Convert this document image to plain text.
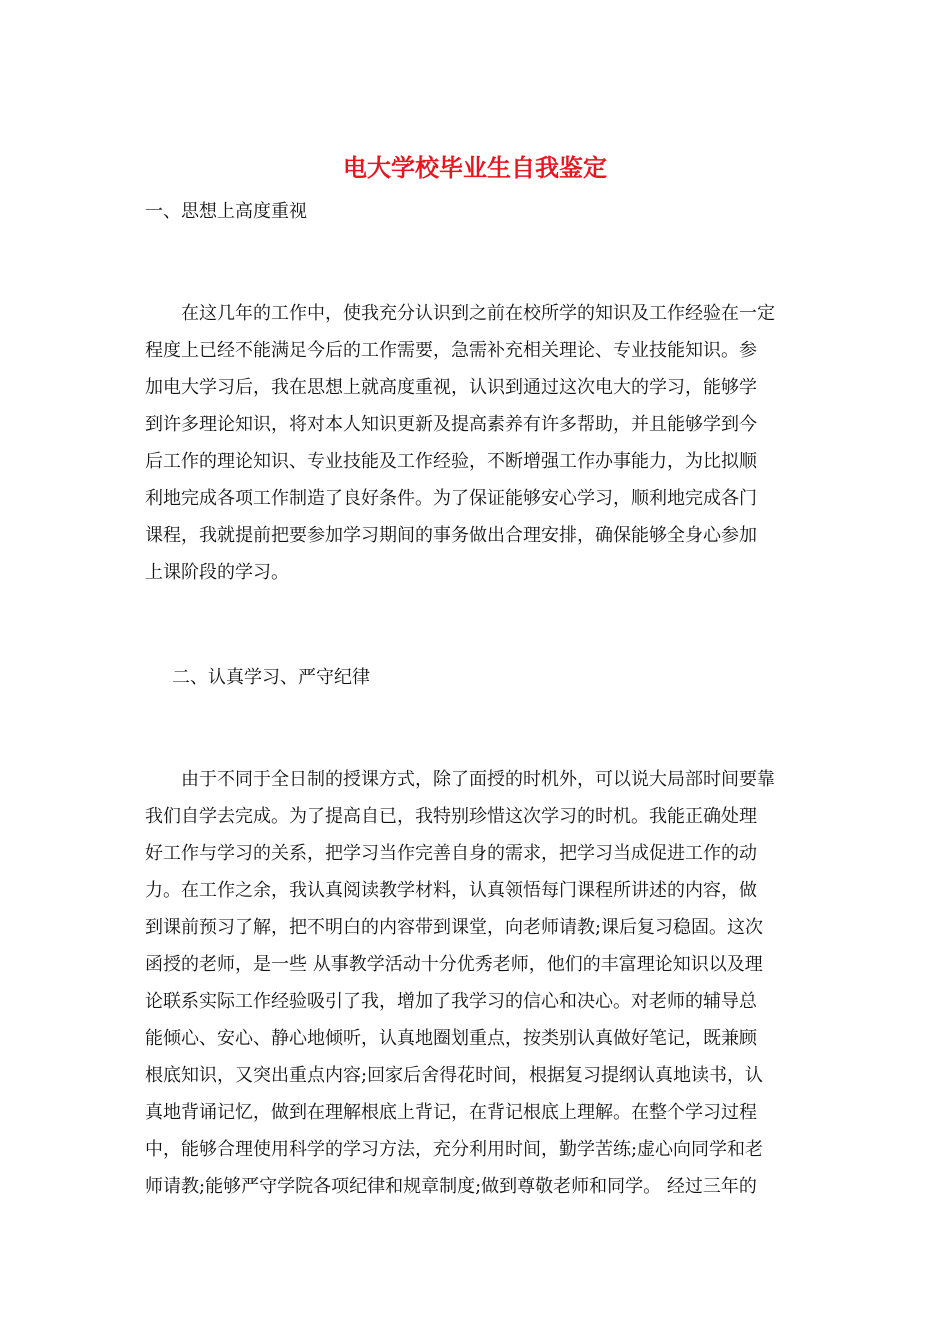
电大学校毕业生自我鉴定

一、思想上高度重视

　　在这几年的工作中，使我充分认识到之前在校所学的知识及工作经验在一定
程度上已经不能满足今后的工作需要，急需补充相关理论、专业技能知识。参
加电大学习后，我在思想上就高度重视，认识到通过这次电大的学习，能够学
到许多理论知识，将对本人知识更新及提高素养有许多帮助，并且能够学到今
后工作的理论知识、专业技能及工作经验，不断增强工作办事能力，为比拟顺
利地完成各项工作制造了良好条件。为了保证能够安心学习，顺利地完成各门
课程，我就提前把要参加学习期间的事务做出合理安排，确保能够全身心参加
上课阶段的学习。

二、认真学习、严守纪律

　　由于不同于全日制的授课方式，除了面授的时机外，可以说大局部时间要靠
我们自学去完成。为了提高自已，我特别珍惜这次学习的时机。我能正确处理
好工作与学习的关系，把学习当作完善自身的需求，把学习当成促进工作的动
力。在工作之余，我认真阅读教学材料，认真领悟每门课程所讲述的内容，做
到课前预习了解，把不明白的内容带到课堂，向老师请教;课后复习稳固。这次
函授的老师，是一些 从事教学活动十分优秀老师，他们的丰富理论知识以及理
论联系实际工作经验吸引了我，增加了我学习的信心和决心。对老师的辅导总
能倾心、安心、静心地倾听，认真地圈划重点，按类别认真做好笔记，既兼顾
根底知识，又突出重点内容;回家后舍得花时间，根据复习提纲认真地读书，认
真地背诵记忆，做到在理解根底上背记，在背记根底上理解。在整个学习过程
中，能够合理使用科学的学习方法，充分利用时间，勤学苦练;虚心向同学和老
师请教;能够严守学院各项纪律和规章制度;做到尊敬老师和同学。 经过三年的
